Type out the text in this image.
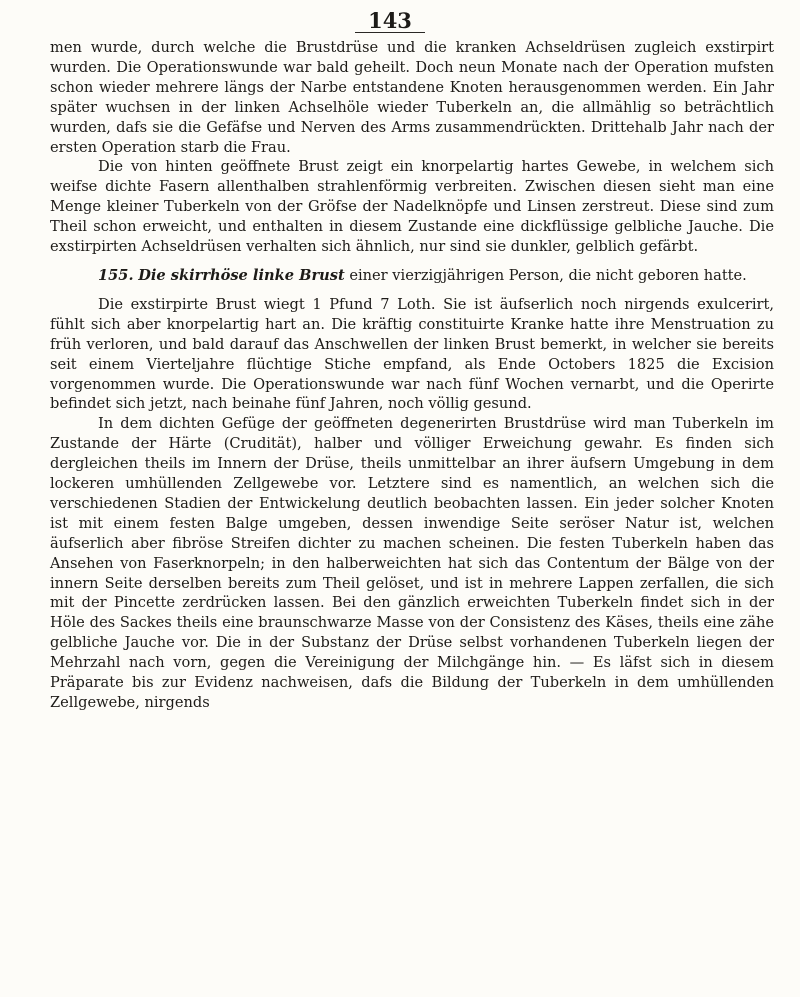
143

men wurde, durch welche die Brustdrüse und die kranken Achseldrüsen zugleich exstirpirt wurden. Die Operationswunde war bald geheilt. Doch neun Monate nach der Operation mufsten schon wieder mehrere längs der Narbe entstandene Knoten herausgenommen werden. Ein Jahr später wuchsen in der linken Achselhöle wieder Tuberkeln an, die allmählig so beträchtlich wurden, dafs sie die Gefäfse und Nerven des Arms zusammendrückten. Drittehalb Jahr nach der ersten Operation starb die Frau.

Die von hinten geöffnete Brust zeigt ein knorpelartig hartes Gewebe, in welchem sich weifse dichte Fasern allenthalben strahlenförmig verbreiten. Zwischen diesen sieht man eine Menge kleiner Tuberkeln von der Gröfse der Nadelknöpfe und Linsen zerstreut. Diese sind zum Theil schon erweicht, und enthalten in diesem Zustande eine dickflüssige gelbliche Jauche. Die exstirpirten Achseldrüsen verhalten sich ähnlich, nur sind sie dunkler, gelblich gefärbt.

155. Die skirrhöse linke Brust einer vierzigjährigen Person, die nicht geboren hatte.

Die exstirpirte Brust wiegt 1 Pfund 7 Loth. Sie ist äufserlich noch nirgends exulcerirt, fühlt sich aber knorpelartig hart an. Die kräftig constituirte Kranke hatte ihre Menstruation zu früh verloren, und bald darauf das Anschwellen der linken Brust bemerkt, in welcher sie bereits seit einem Vierteljahre flüchtige Stiche empfand, als Ende Octobers 1825 die Excision vorgenommen wurde. Die Operationswunde war nach fünf Wochen vernarbt, und die Operirte befindet sich jetzt, nach beinahe fünf Jahren, noch völlig gesund.

In dem dichten Gefüge der geöffneten degenerirten Brustdrüse wird man Tuberkeln im Zustande der Härte (Crudität), halber und völliger Erweichung gewahr. Es finden sich dergleichen theils im Innern der Drüse, theils unmittelbar an ihrer äufsern Umgebung in dem lockeren umhüllenden Zellgewebe vor. Letztere sind es namentlich, an welchen sich die verschiedenen Stadien der Entwickelung deutlich beobachten lassen. Ein jeder solcher Knoten ist mit einem festen Balge umgeben, dessen inwendige Seite seröser Natur ist, welchen äufserlich aber fibröse Streifen dichter zu machen scheinen. Die festen Tuberkeln haben das Ansehen von Faserknorpeln; in den halberweichten hat sich das Contentum der Bälge von der innern Seite derselben bereits zum Theil gelöset, und ist in mehrere Lappen zerfallen, die sich mit der Pincette zerdrücken lassen. Bei den gänzlich erweichten Tuberkeln findet sich in der Höle des Sackes theils eine braunschwarze Masse von der Consistenz des Käses, theils eine zähe gelbliche Jauche vor. Die in der Substanz der Drüse selbst vorhandenen Tuberkeln liegen der Mehrzahl nach vorn, gegen die Vereinigung der Milchgänge hin. — Es läfst sich in diesem Präparate bis zur Evidenz nachweisen, dafs die Bildung der Tuberkeln in dem umhüllenden Zellgewebe, nirgends
